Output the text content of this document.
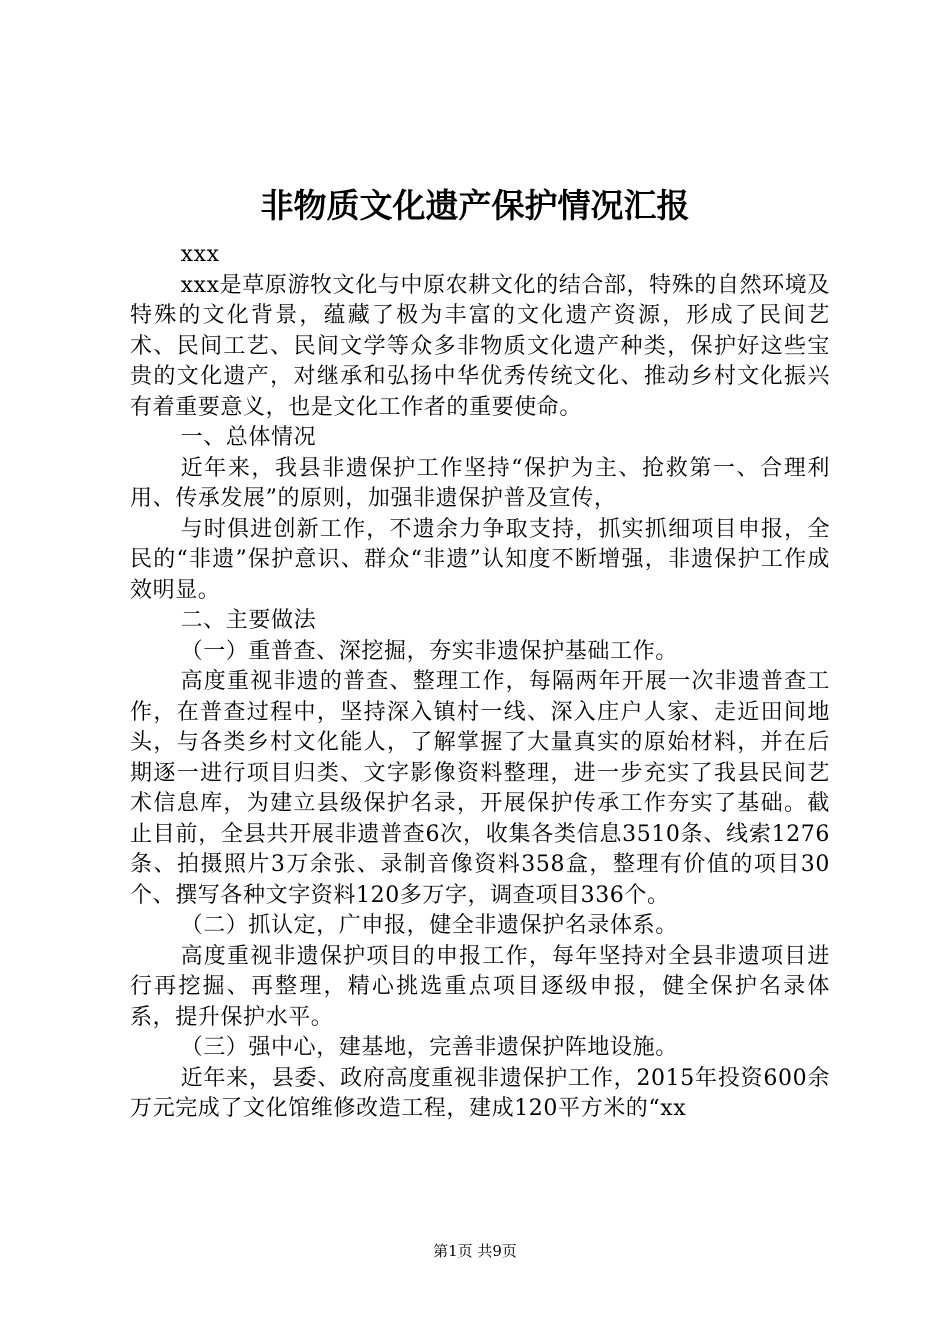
非物质文化遗产保护情况汇报

xxx

xxx是草原游牧文化与中原农耕文化的结合部，特殊的自然环境及特殊的文化背景，蕴藏了极为丰富的文化遗产资源，形成了民间艺术、民间工艺、民间文学等众多非物质文化遗产种类，保护好这些宝贵的文化遗产，对继承和弘扬中华优秀传统文化、推动乡村文化振兴有着重要意义，也是文化工作者的重要使命。

一、总体情况

近年来，我县非遗保护工作坚持“保护为主、抢救第一、合理利用、传承发展”的原则，加强非遗保护普及宣传，

与时俱进创新工作，不遗余力争取支持，抓实抓细项目申报，全民的“非遗”保护意识、群众“非遗”认知度不断增强，非遗保护工作成效明显。

二、主要做法

（一）重普查、深挖掘，夯实非遗保护基础工作。

高度重视非遗的普查、整理工作，每隔两年开展一次非遗普查工作，在普查过程中，坚持深入镇村一线、深入庄户人家、走近田间地头，与各类乡村文化能人，了解掌握了大量真实的原始材料，并在后期逐一进行项目归类、文字影像资料整理，进一步充实了我县民间艺术信息库，为建立县级保护名录，开展保护传承工作夯实了基础。截止目前，全县共开展非遗普查6次，收集各类信息3510条、线索1276条、拍摄照片3万余张、录制音像资料358盒，整理有价值的项目30个、撰写各种文字资料120多万字，调查项目336个。

（二）抓认定，广申报，健全非遗保护名录体系。

高度重视非遗保护项目的申报工作，每年坚持对全县非遗项目进行再挖掘、再整理，精心挑选重点项目逐级申报，健全保护名录体系，提升保护水平。

（三）强中心，建基地，完善非遗保护阵地设施。

近年来，县委、政府高度重视非遗保护工作，2015年投资600余万元完成了文化馆维修改造工程，建成120平方米的“xx

第1页 共9页
